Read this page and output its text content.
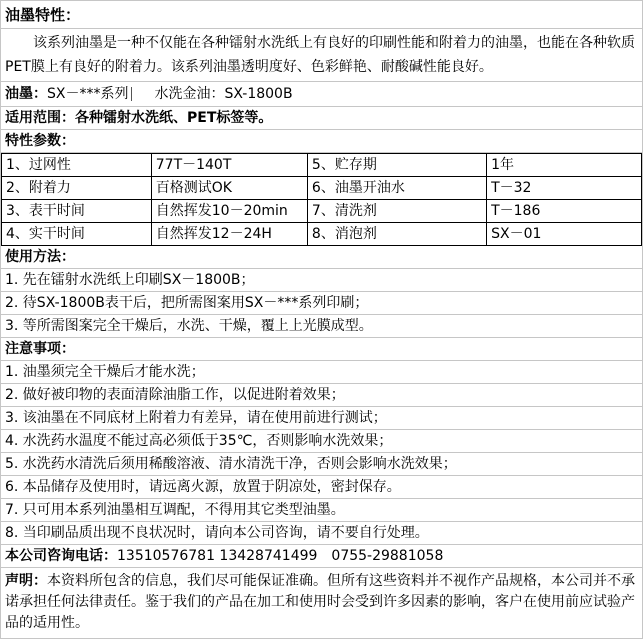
油墨特性：
　　该系列油墨是一种不仅能在各种镭射水洗纸上有良好的印刷性能和附着力的油墨，也能在各种软质PET膜上有良好的附着力。该系列油墨透明度好、色彩鲜艳、耐酸碱性能良好。
油墨：SX－***系列 水洗金油：SX-1800B
适用范围：各种镭射水洗纸、PET标签等。
特性参数：
1、过网性	77T－140T	5、贮存期	1年
2、附着力	百格测试OK	6、油墨开油水	T－32
3、表干时间	自然挥发10－20min	7、清洗剂	T－186
4、实干时间	自然挥发12－24H	8、消泡剂	SX－01
使用方法：
1. 先在镭射水洗纸上印刷SX－1800B；
2. 待SX-1800B表干后，把所需图案用SX－***系列印刷；
3. 等所需图案完全干燥后，水洗、干燥，覆上上光膜成型。
注意事项：
1. 油墨须完全干燥后才能水洗；
2. 做好被印物的表面清除油脂工作，以促进附着效果；
3. 该油墨在不同底材上附着力有差异，请在使用前进行测试；
4. 水洗药水温度不能过高必须低于35℃，否则影响水洗效果；
5. 水洗药水清洗后须用稀酸溶液、清水清洗干净，否则会影响水洗效果；
6. 本品储存及使用时，请远离火源，放置于阴凉处，密封保存。
7. 只可用本系列油墨相互调配，不得用其它类型油墨。
8. 当印刷品质出现不良状况时，请向本公司咨询，请不要自行处理。
本公司咨询电话：13510576781 13428741499　0755-29881058
声明：本资料所包含的信息，我们尽可能保证准确。但所有这些资料并不视作产品规格，本公司并不承诺承担任何法律责任。鉴于我们的产品在加工和使用时会受到许多因素的影响，客户在使用前应试验产品的适用性。
